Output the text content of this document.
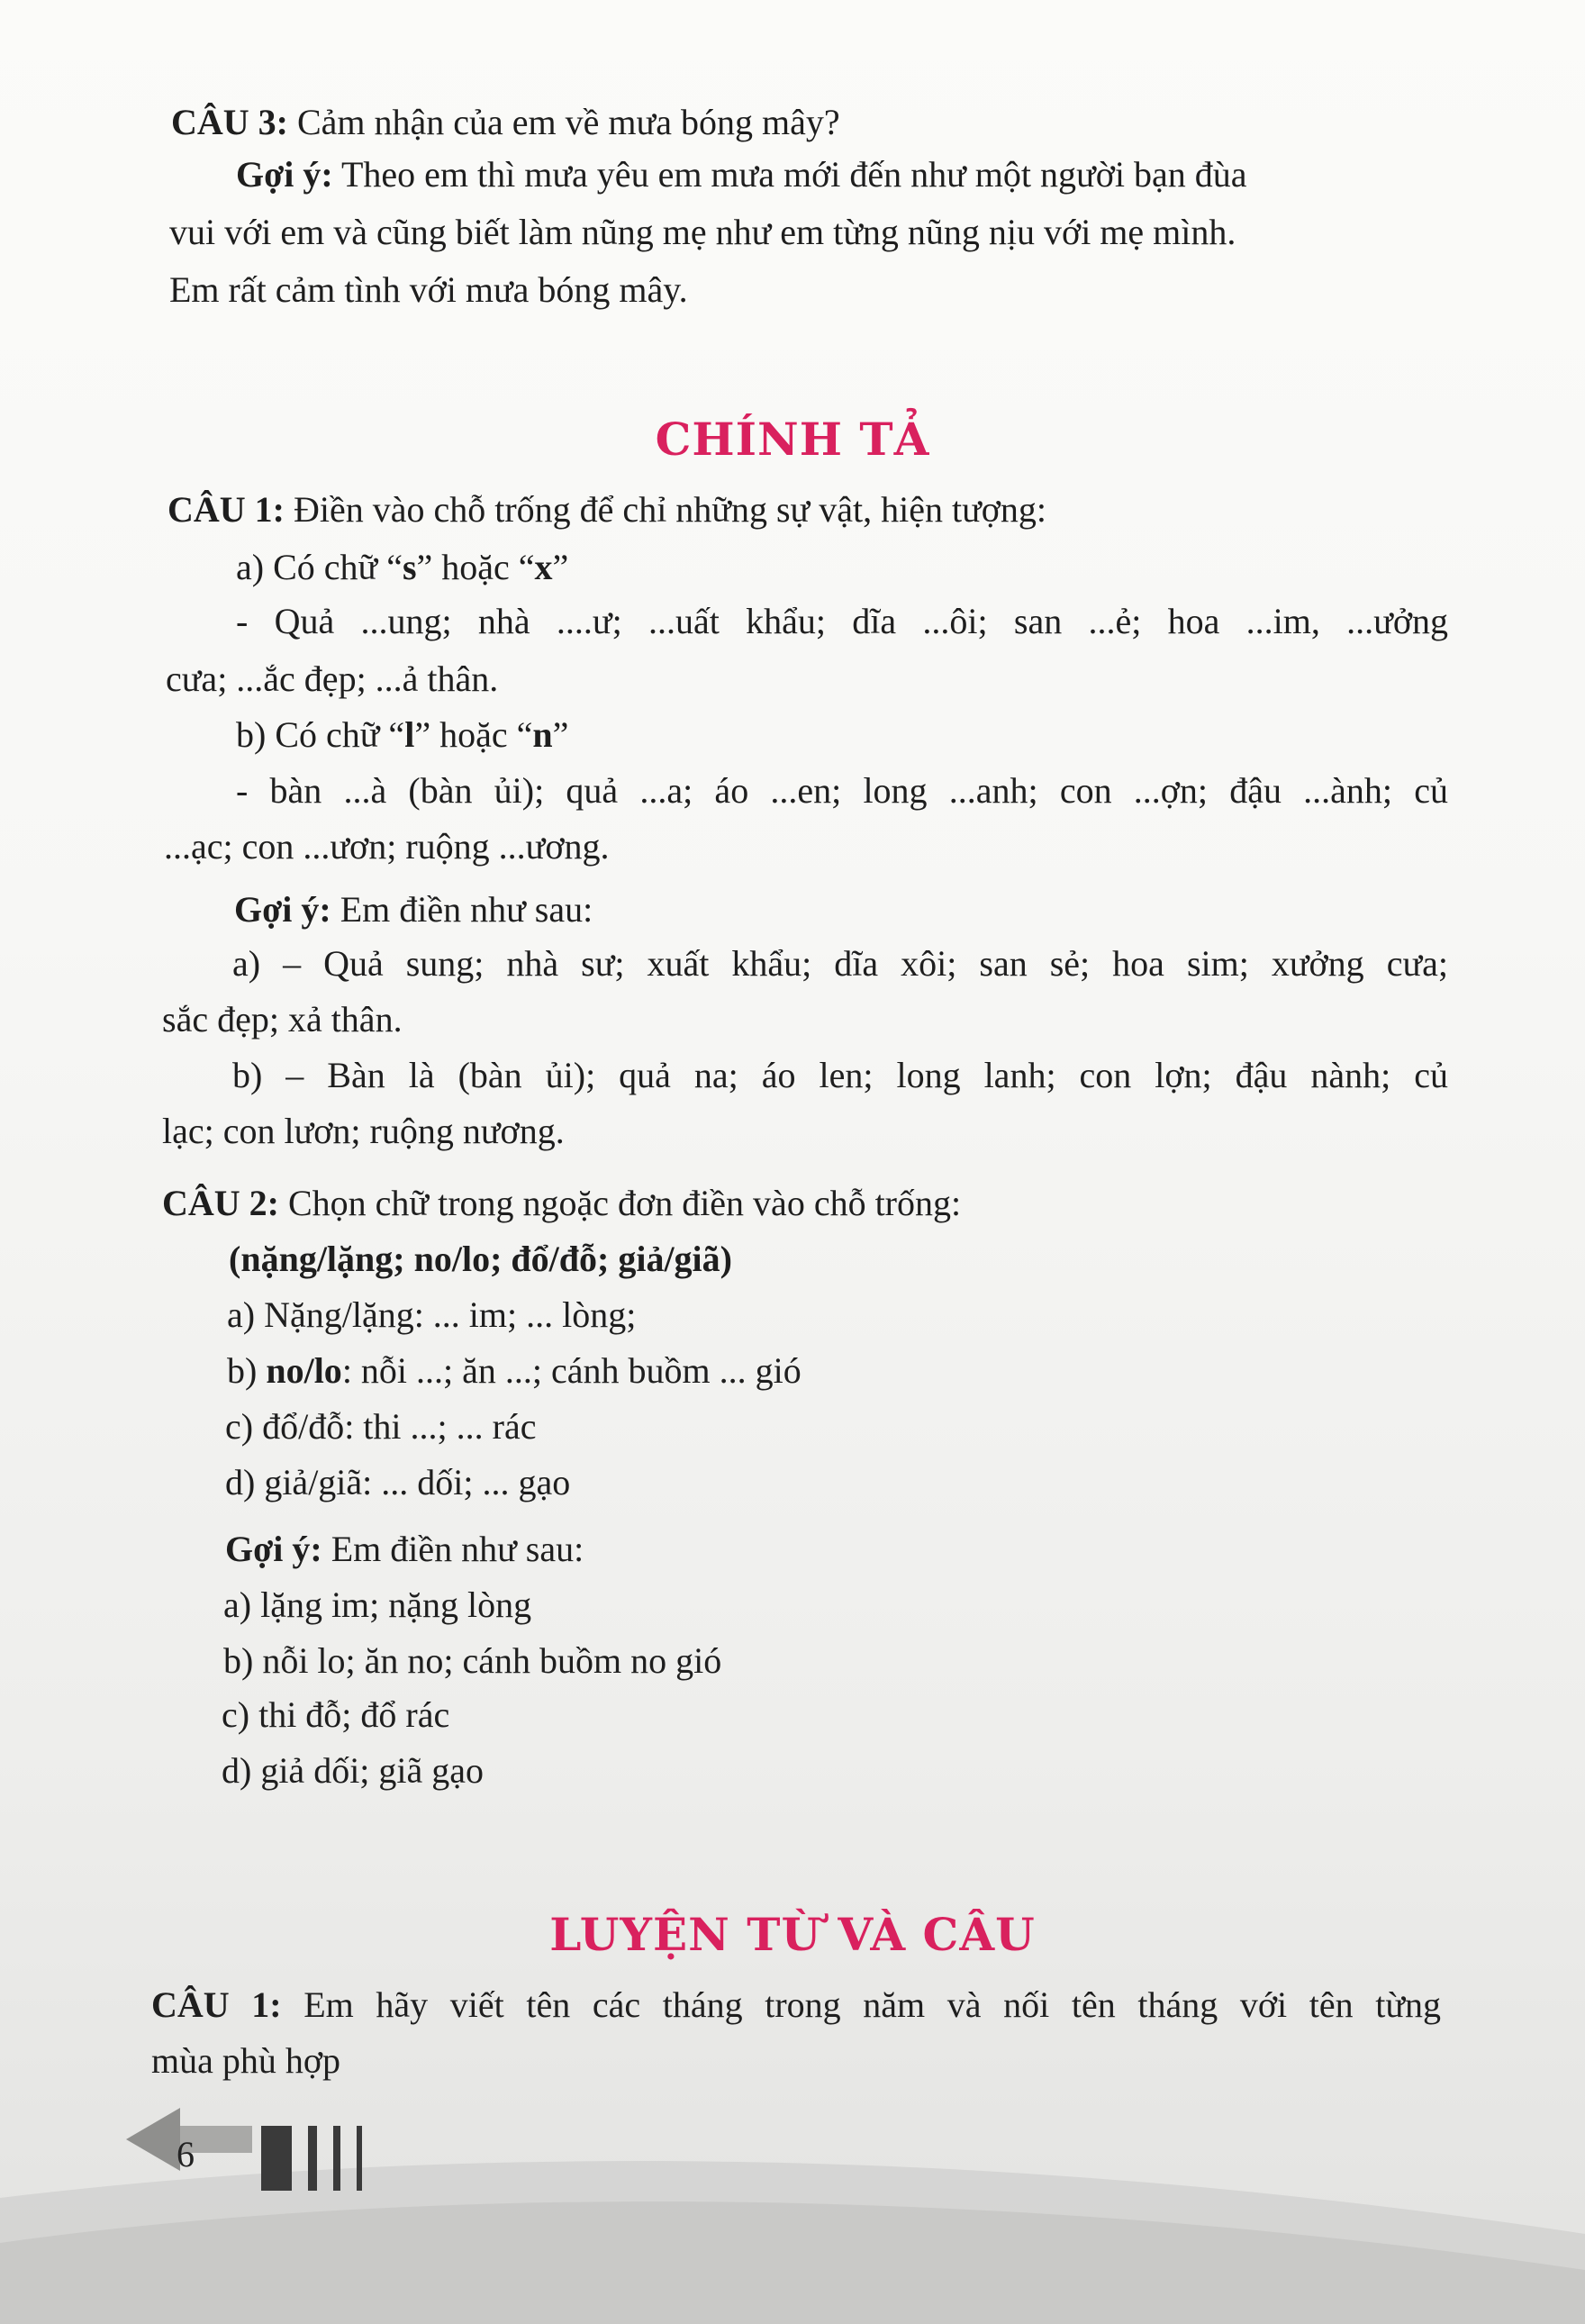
CÂU 3: Cảm nhận của em về mưa bóng mây?
Gợi ý: Theo em thì mưa yêu em mưa mới đến như một người bạn đùa
vui với em và cũng biết làm nũng mẹ như em từng nũng nịu với mẹ mình.
Em rất cảm tình với mưa bóng mây.
CHÍNH TẢ
CÂU 1: Điền vào chỗ trống để chỉ những sự vật, hiện tượng:
a) Có chữ “s” hoặc “x”
- Quả ...ung; nhà ....ư; ...uất khẩu; dĩa ...ôi; san ...ẻ; hoa ...im, ...ưởng
cưa; ...ắc đẹp; ...ả thân.
b) Có chữ “l” hoặc “n”
- bàn ...à (bàn ủi); quả ...a; áo ...en; long ...anh; con ...ợn; đậu ...ành; củ
...ạc; con ...ươn; ruộng ...ương.
Gợi ý: Em điền như sau:
a) – Quả sung; nhà sư; xuất khẩu; dĩa xôi; san sẻ; hoa sim; xưởng cưa;
sắc đẹp; xả thân.
b) – Bàn là (bàn ủi); quả na; áo len; long lanh; con lợn; đậu nành; củ
lạc; con lươn; ruộng nương.
CÂU 2: Chọn chữ trong ngoặc đơn điền vào chỗ trống:
(nặng/lặng; no/lo; đổ/đỗ; giả/giã)
a) Nặng/lặng: ... im; ... lòng;
b) no/lo: nỗi ...; ăn ...; cánh buồm ... gió
c) đổ/đỗ: thi ...; ... rác
d) giả/giã: ... dối; ... gạo
Gợi ý: Em điền như sau:
a) lặng im; nặng lòng
b) nỗi lo; ăn no; cánh buồm no gió
c) thi đỗ; đổ rác
d) giả dối; giã gạo
LUYỆN TỪ VÀ CÂU
CÂU 1: Em hãy viết tên các tháng trong năm và nối tên tháng với tên từng
mùa phù hợp
6
